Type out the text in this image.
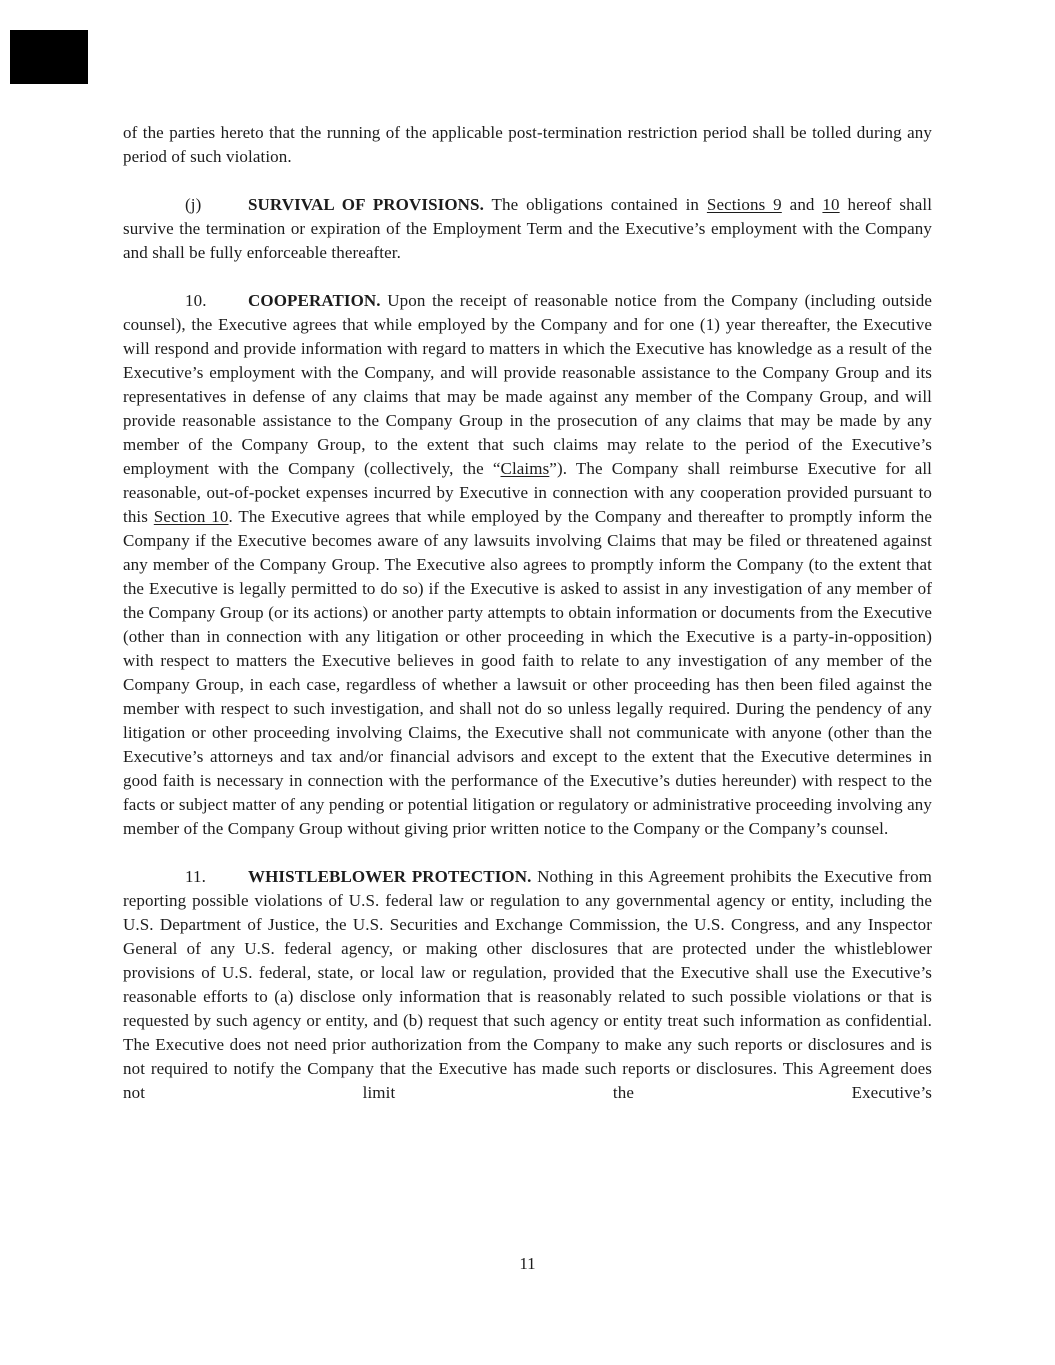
of the parties hereto that the running of the applicable post-termination restriction period shall be tolled during any period of such violation.

(j)	SURVIVAL OF PROVISIONS. The obligations contained in Sections 9 and 10 hereof shall survive the termination or expiration of the Employment Term and the Executive’s employment with the Company and shall be fully enforceable thereafter.

10. COOPERATION. Upon the receipt of reasonable notice from the Company (including outside counsel), the Executive agrees that while employed by the Company and for one (1) year thereafter, the Executive will respond and provide information with regard to matters in which the Executive has knowledge as a result of the Executive’s employment with the Company, and will provide reasonable assistance to the Company Group and its representatives in defense of any claims that may be made against any member of the Company Group, and will provide reasonable assistance to the Company Group in the prosecution of any claims that may be made by any member of the Company Group, to the extent that such claims may relate to the period of the Executive’s employment with the Company (collectively, the “Claims”). The Company shall reimburse Executive for all reasonable, out-of-pocket expenses incurred by Executive in connection with any cooperation provided pursuant to this Section 10. The Executive agrees that while employed by the Company and thereafter to promptly inform the Company if the Executive becomes aware of any lawsuits involving Claims that may be filed or threatened against any member of the Company Group. The Executive also agrees to promptly inform the Company (to the extent that the Executive is legally permitted to do so) if the Executive is asked to assist in any investigation of any member of the Company Group (or its actions) or another party attempts to obtain information or documents from the Executive (other than in connection with any litigation or other proceeding in which the Executive is a party-in-opposition) with respect to matters the Executive believes in good faith to relate to any investigation of any member of the Company Group, in each case, regardless of whether a lawsuit or other proceeding has then been filed against the member with respect to such investigation, and shall not do so unless legally required. During the pendency of any litigation or other proceeding involving Claims, the Executive shall not communicate with anyone (other than the Executive’s attorneys and tax and/or financial advisors and except to the extent that the Executive determines in good faith is necessary in connection with the performance of the Executive’s duties hereunder) with respect to the facts or subject matter of any pending or potential litigation or regulatory or administrative proceeding involving any member of the Company Group without giving prior written notice to the Company or the Company’s counsel.

11. WHISTLEBLOWER PROTECTION. Nothing in this Agreement prohibits the Executive from reporting possible violations of U.S. federal law or regulation to any governmental agency or entity, including the U.S. Department of Justice, the U.S. Securities and Exchange Commission, the U.S. Congress, and any Inspector General of any U.S. federal agency, or making other disclosures that are protected under the whistleblower provisions of U.S. federal, state, or local law or regulation, provided that the Executive shall use the Executive’s reasonable efforts to (a) disclose only information that is reasonably related to such possible violations or that is requested by such agency or entity, and (b) request that such agency or entity treat such information as confidential. The Executive does not need prior authorization from the Company to make any such reports or disclosures and is not required to notify the Company that the Executive has made such reports or disclosures. This Agreement does not limit the Executive’s

11
